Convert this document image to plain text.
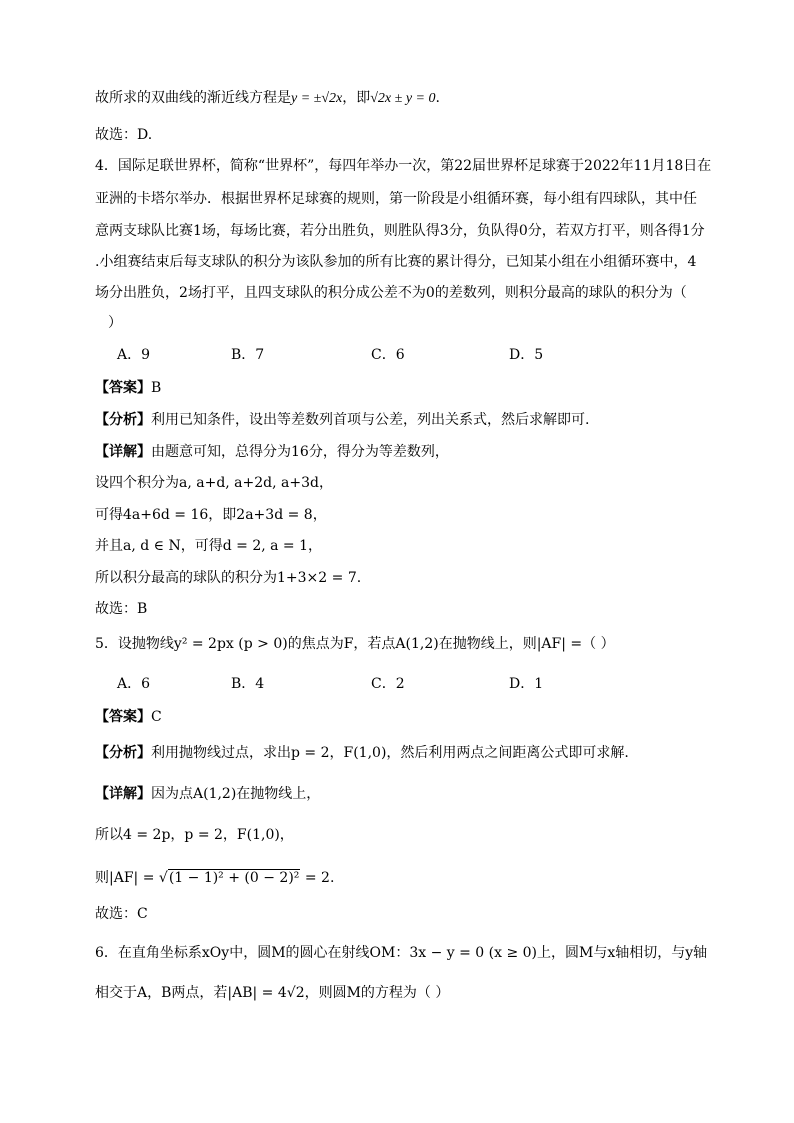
故所求的双曲线的渐近线方程是y = ±√2x，即√2x ± y = 0.
故选：D.
4．国际足联世界杯，简称“世界杯”，每四年举办一次，第22届世界杯足球赛于2022年11月18日在
亚洲的卡塔尔举办．根据世界杯足球赛的规则，第一阶段是小组循环赛，每小组有四球队，其中任
意两支球队比赛1场，每场比赛，若分出胜负，则胜队得3分，负队得0分，若双方打平，则各得1分
.小组赛结束后每支球队的积分为该队参加的所有比赛的累计得分，已知某小组在小组循环赛中，4
场分出胜负，2场打平，且四支球队的积分成公差不为0的差数列，则积分最高的球队的积分为（
）
A．9	B．7	C．6	D．5
【答案】B
【分析】利用已知条件，设出等差数列首项与公差，列出关系式，然后求解即可.
【详解】由题意可知，总得分为16分，得分为等差数列，
设四个积分为a, a+d, a+2d, a+3d，
可得4a+6d = 16，即2a+3d = 8，
并且a, d ∈ N，可得d = 2, a = 1，
所以积分最高的球队的积分为1+3×2 = 7.
故选：B
5．设抛物线y² = 2px (p > 0)的焦点为F，若点A(1,2)在抛物线上，则|AF| =（ ）
A．6	B．4	C．2	D．1
【答案】C
【分析】利用抛物线过点，求出p = 2，F(1,0)，然后利用两点之间距离公式即可求解.
【详解】因为点A(1,2)在抛物线上，
所以4 = 2p，p = 2，F(1,0)，
则|AF| = √(1 − 1)² + (0 − 2)² = 2.
故选：C
6．在直角坐标系xOy中，圆M的圆心在射线OM：3x − y = 0 (x ≥ 0)上，圆M与x轴相切，与y轴
相交于A，B两点，若|AB| = 4√2，则圆M的方程为（ ）
